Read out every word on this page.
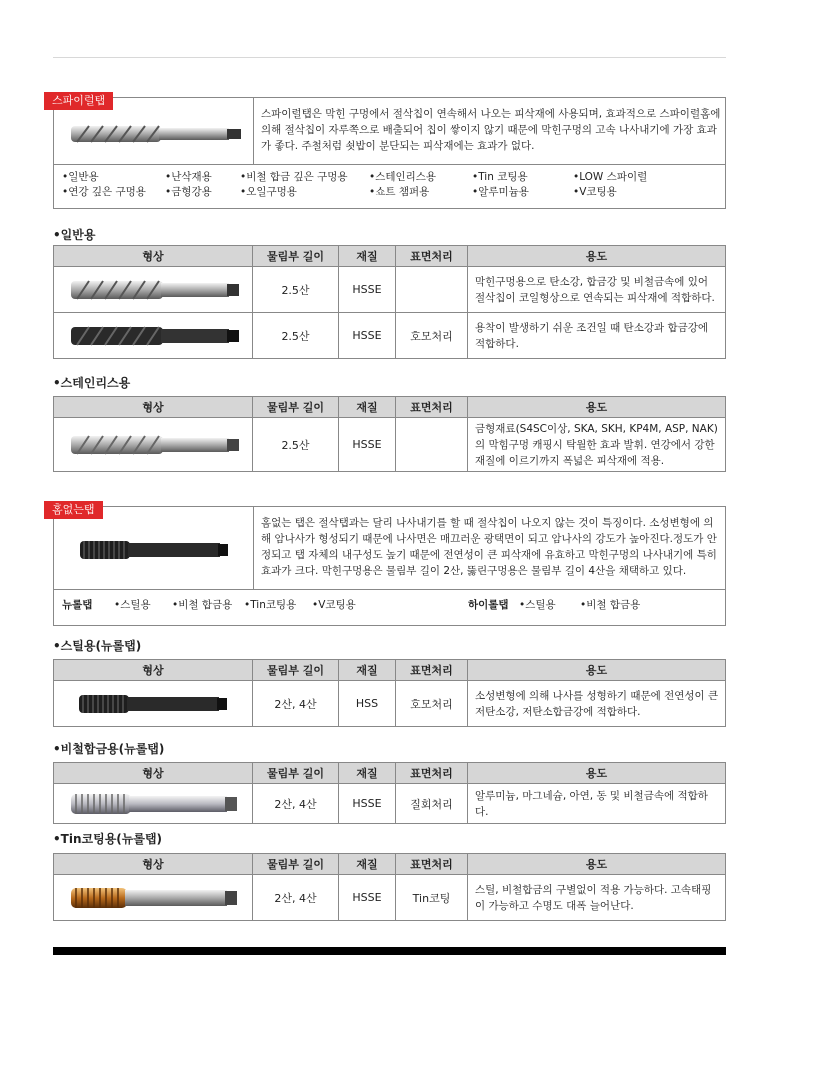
스파이럴탭
스파이럴탭은 막힌 구멍에서 절삭칩이 연속해서 나오는 피삭재에 사용되며, 효과적으로 스파이럴홈에 의해 절삭칩이 자루쪽으로 배출되어 칩이 쌓이지 않기 때문에 막힌구멍의 고속 나사내기에 가장 효과가 좋다. 주철처럼 쇳밥이 분단되는 피삭재에는 효과가 없다.
•일반용
•연강 깊은 구멍용
•난삭재용
•금형강용
•비철 합금 깊은 구멍용
•오일구멍용
•스테인리스용
•쇼트 챔퍼용
•Tin 코팅용
•알루미늄용
•LOW 스파이럴
•V코팅용
•일반용
형상	물림부 길이	재질	표면처리	용도

	2.5산	HSSE		막힌구멍용으로 탄소강, 합금강 및 비철금속에 있어 절삭칩이 코일형상으로 연속되는 피삭재에 적합하다.

	2.5산	HSSE	호모처리	용착이 발생하기 쉬운 조건일 때 탄소강과 합금강에 적합하다.
•스테인리스용
형상	물림부 길이	재질	표면처리	용도

	2.5산	HSSE		금형재료(S4SC이상, SKA, SKH, KP4M, ASP, NAK)의 막힘구멍 캐핑시 탁월한 효과 발휘. 연강에서 강한 재질에 이르기까지 폭넓은 피삭재에 적용.
홈없는탭
홈없는 탭은 절삭탭과는 달리 나사내기를 할 때 절삭칩이 나오지 않는 것이 특징이다. 소성변형에 의해 암나사가 형성되기 때문에 나사면은 매끄러운 광택면이 되고 암나사의 강도가 높아진다.정도가 안정되고 탭 자체의 내구성도 높기 때문에 전연성이 큰 피삭재에 유효하고 막힌구멍의 나사내기에 특히 효과가 크다. 막힌구멍용은 물림부 길이 2산, 뚫린구멍용은 물림부 길이 4산을 채택하고 있다.
뉴롤탭 •스틸용 •비철 합금용 •Tin코팅용 •V코팅용	하이롤탭 •스틸용 •비철 합금용
•스틸용(뉴롤탭)
형상	물림부 길이	재질	표면처리	용도

	2산, 4산	HSS	호모처리	소성변형에 의해 나사를 성형하기 때문에 전연성이 큰 저탄소강, 저탄소합금강에 적합하다.
•비철합금용(뉴롤탭)
형상	물림부 길이	재질	표면처리	용도

	2산, 4산	HSSE	질회처리	알루미늄, 마그네슘, 아연, 동 및 비철금속에 적합하다.
•Tin코팅용(뉴롤탭)
형상	물림부 길이	재질	표면처리	용도

	2산, 4산	HSSE	Tin코팅	스틸, 비철합금의 구별없이 적용 가능하다. 고속태핑이 가능하고 수명도 대폭 늘어난다.
